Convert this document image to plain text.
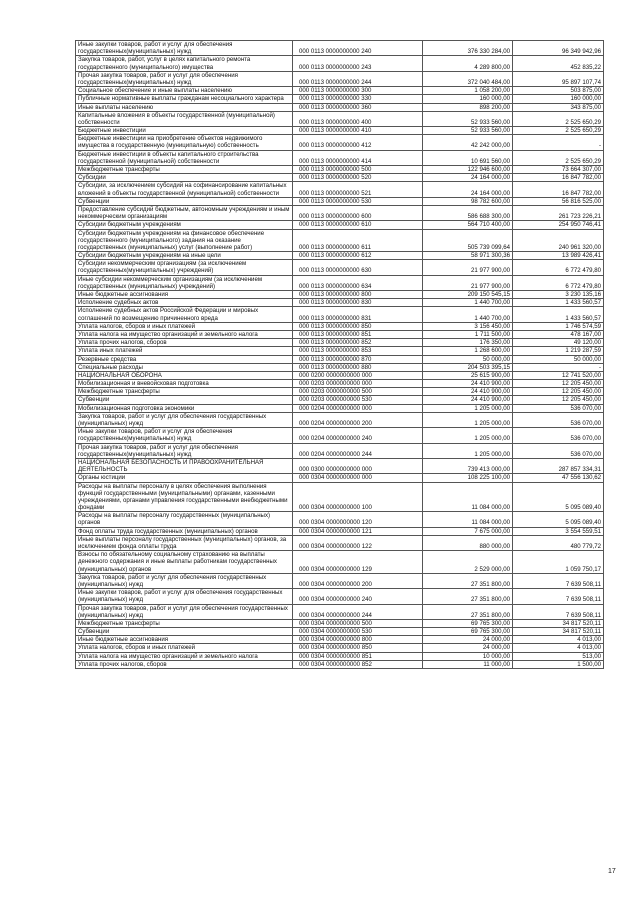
Иные закупки товаров, работ и услуг для обеспечения государственных(муниципальных) нужд	000 0113 0000000000 240	376 330 284,00	96 349 942,96
Закупка товаров, работ, услуг в целях капитального ремонта государственного (муниципального) имущества	000 0113 0000000000 243	4 289 800,00	452 835,22
Прочая закупка товаров, работ и услуг для обеспечения государственных(муниципальных) нужд	000 0113 0000000000 244	372 040 484,00	95 897 107,74
Социальное обеспечение и иные выплаты населению	000 0113 0000000000 300	1 058 200,00	503 875,00
Публичные нормативные выплаты гражданам несоциального характера	000 0113 0000000000 330	160 000,00	160 000,00
Иные выплаты населению	000 0113 0000000000 360	898 200,00	343 875,00
Капитальные вложения в объекты государственной (муниципальной) собственности	000 0113 0000000000 400	52 933 560,00	2 525 650,29
Бюджетные инвестиции	000 0113 0000000000 410	52 933 560,00	2 525 650,29
Бюджетные инвестиции на приобретение объектов недвижимого имущества в государственную (муниципальную) собственность	000 0113 0000000000 412	42 242 000,00	-
Бюджетные инвестиции в объекты капитального строительства государственной (муниципальной) собственности	000 0113 0000000000 414	10 691 560,00	2 525 650,29
Межбюджетные трансферты	000 0113 0000000000 500	122 946 600,00	73 664 307,00
Субсидии	000 0113 0000000000 520	24 164 000,00	16 847 782,00
Субсидии, за исключением субсидий на софинансирование капитальных вложений в объекты государственной (муниципальной) собственности	000 0113 0000000000 521	24 164 000,00	16 847 782,00
Субвенции	000 0113 0000000000 530	98 782 600,00	56 816 525,00
Предоставление субсидий бюджетным, автономным учреждениям и иным некоммерческим организациям	000 0113 0000000000 600	586 688 300,00	261 723 226,21
Субсидии бюджетным учреждениям	000 0113 0000000000 610	564 710 400,00	254 950 746,41
Субсидии бюджетным учреждениям на финансовое обеспечение государственного (муниципального) задания на оказание государственных (муниципальных) услуг (выполнение работ)	000 0113 0000000000 611	505 739 099,64	240 961 320,00
Субсидии бюджетным учреждениям на иные цели	000 0113 0000000000 612	58 971 300,36	13 989 426,41
Субсидии некоммерческим организациям (за исключением государственных(муниципальных) учреждений)	000 0113 0000000000 630	21 977 900,00	6 772 479,80
Иные субсидии некоммерческим организациям (за исключением государственных (муниципальных) учреждений)	000 0113 0000000000 634	21 977 900,00	6 772 479,80
Иные бюджетные ассигнования	000 0113 0000000000 800	209 150 545,15	3 230 135,16
Исполнение судебных актов	000 0113 0000000000 830	1 440 700,00	1 433 560,57
Исполнение судебных актов Российской Федерации и мировых соглашений по возмещению причиненного вреда	000 0113 0000000000 831	1 440 700,00	1 433 560,57
Уплата налогов, сборов и иных платежей	000 0113 0000000000 850	3 156 450,00	1 746 574,59
Уплата налога на имущество организаций и земельного налога	000 0113 0000000000 851	1 711 500,00	478 167,00
Уплата прочих налогов, сборов	000 0113 0000000000 852	176 350,00	49 120,00
Уплата иных платежей	000 0113 0000000000 853	1 268 600,00	1 219 287,59
Резервные средства	000 0113 0000000000 870	50 000,00	50 000,00
Специальные расходы	000 0113 0000000000 880	204 503 395,15	-
НАЦИОНАЛЬНАЯ ОБОРОНА	000 0200 0000000000 000	25 615 900,00	12 741 520,00
Мобилизационная и вневойсковая подготовка	000 0203 0000000000 000	24 410 900,00	12 205 450,00
Межбюджетные трансферты	000 0203 0000000000 500	24 410 900,00	12 205 450,00
Субвенции	000 0203 0000000000 530	24 410 900,00	12 205 450,00
Мобилизационная подготовка экономики	000 0204 0000000000 000	1 205 000,00	536 070,00
Закупка товаров, работ и услуг для обеспечения государственных (муниципальных) нужд	000 0204 0000000000 200	1 205 000,00	536 070,00
Иные закупки товаров, работ и услуг для обеспечения государственных(муниципальных) нужд	000 0204 0000000000 240	1 205 000,00	536 070,00
Прочая закупка товаров, работ и услуг для обеспечения государственных(муниципальных) нужд	000 0204 0000000000 244	1 205 000,00	536 070,00
НАЦИОНАЛЬНАЯ БЕЗОПАСНОСТЬ И ПРАВООХРАНИТЕЛЬНАЯ ДЕЯТЕЛЬНОСТЬ	000 0300 0000000000 000	739 413 000,00	287 857 334,31
Органы юстиции	000 0304 0000000000 000	108 225 100,00	47 556 130,62
Расходы на выплаты персоналу в целях обеспечения выполнения функций государственными (муниципальными) органами, казенными учреждениями, органами управления государственными внебюджетными фондами	000 0304 0000000000 100	11 084 000,00	5 095 089,40
Расходы на выплаты персоналу государственных (муниципальных) органов	000 0304 0000000000 120	11 084 000,00	5 095 089,40
Фонд оплаты труда государственных (муниципальных) органов	000 0304 0000000000 121	7 675 000,00	3 554 559,51
Иные выплаты персоналу государственных (муниципальных) органов, за исключением фонда оплаты труда	000 0304 0000000000 122	880 000,00	480 779,72
Взносы по обязательному социальному страхованию на выплаты денежного содержания и иные выплаты работникам государственных (муниципальных) органов	000 0304 0000000000 129	2 529 000,00	1 059 750,17
Закупка товаров, работ и услуг для обеспечения государственных (муниципальных) нужд	000 0304 0000000000 200	27 351 800,00	7 639 508,11
Иные закупки товаров, работ и услуг для обеспечения государственных (муниципальных) нужд	000 0304 0000000000 240	27 351 800,00	7 639 508,11
Прочая закупка товаров, работ и услуг для обеспечения государственных (муниципальных) нужд	000 0304 0000000000 244	27 351 800,00	7 639 508,11
Межбюджетные трансферты	000 0304 0000000000 500	69 765 300,00	34 817 520,11
Субвенции	000 0304 0000000000 530	69 765 300,00	34 817 520,11
Иные бюджетные ассигнования	000 0304 0000000000 800	24 000,00	4 013,00
Уплата налогов, сборов и иных платежей	000 0304 0000000000 850	24 000,00	4 013,00
Уплата налога на имущество организаций и земельного налога	000 0304 0000000000 851	10 000,00	513,00
Уплата прочих налогов, сборов	000 0304 0000000000 852	11 000,00	1 500,00
17
